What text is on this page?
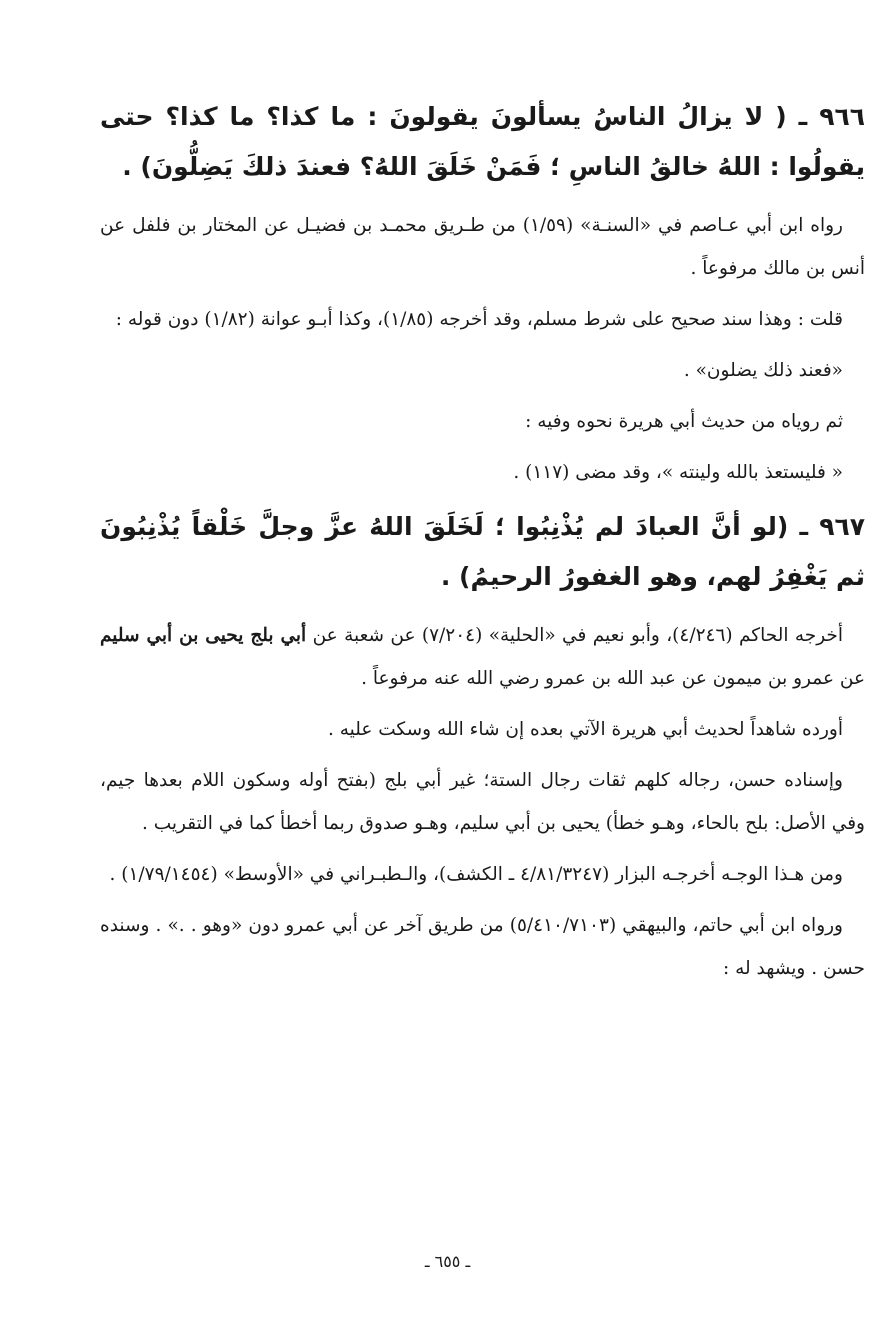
٩٦٦ ـ ( لا يزالُ الناسُ يسألونَ يقولونَ : ما كذا؟ ما كذا؟ حتى يقولُوا : اللهُ خالقُ الناسِ ؛ فَمَنْ خَلَقَ اللهُ؟ فعندَ ذلكَ يَضِلُّونَ) .

رواه ابن أبي عـاصم في «السنـة» (١/٥٩) من طـريق محمـد بن فضيـل عن المختار بن فلفل عن أنس بن مالك مرفوعاً .

قلت : وهذا سند صحيح على شرط مسلم، وقد أخرجه (١/٨٥)، وكذا أبـو عوانة (١/٨٢) دون قوله :

«فعند ذلك يضلون» .

ثم روياه من حديث أبي هريرة نحوه وفيه :

« فليستعذ بالله ولينته »، وقد مضى (١١٧) .

٩٦٧ ـ (لو أنَّ العبادَ لم يُذْنِبُوا ؛ لَخَلَقَ اللهُ عزَّ وجلَّ خَلْقاً يُذْنِبُونَ ثم يَغْفِرُ لهم، وهو الغفورُ الرحيمُ) .

أخرجه الحاكم (٤/٢٤٦)، وأبو نعيم في «الحلية» (٧/٢٠٤) عن شعبة عن أبي بلج يحيى بن أبي سليم عن عمرو بن ميمون عن عبد الله بن عمرو رضي الله عنه مرفوعاً .

أورده شاهداً لحديث أبي هريرة الآتي بعده إن شاء الله وسكت عليه .

وإسناده حسن، رجاله كلهم ثقات رجال الستة؛ غير أبي بلج (بفتح أوله وسكون اللام بعدها جيم، وفي الأصل: بلح بالحاء، وهـو خطأ) يحيى بن أبي سليم، وهـو صدوق ربما أخطأ كما في التقريب .

ومن هـذا الوجـه أخرجـه البزار (٤/٨١/٣٢٤٧ ـ الكشف)، والـطبـراني في «الأوسط» (١/٧٩/١٤٥٤) .

ورواه ابن أبي حاتم، والبيهقي (٥/٤١٠/٧١٠٣) من طريق آخر عن أبي عمرو دون «وهو . .» . وسنده حسن . ويشهد له :

ـ ٦٥٥ ـ
